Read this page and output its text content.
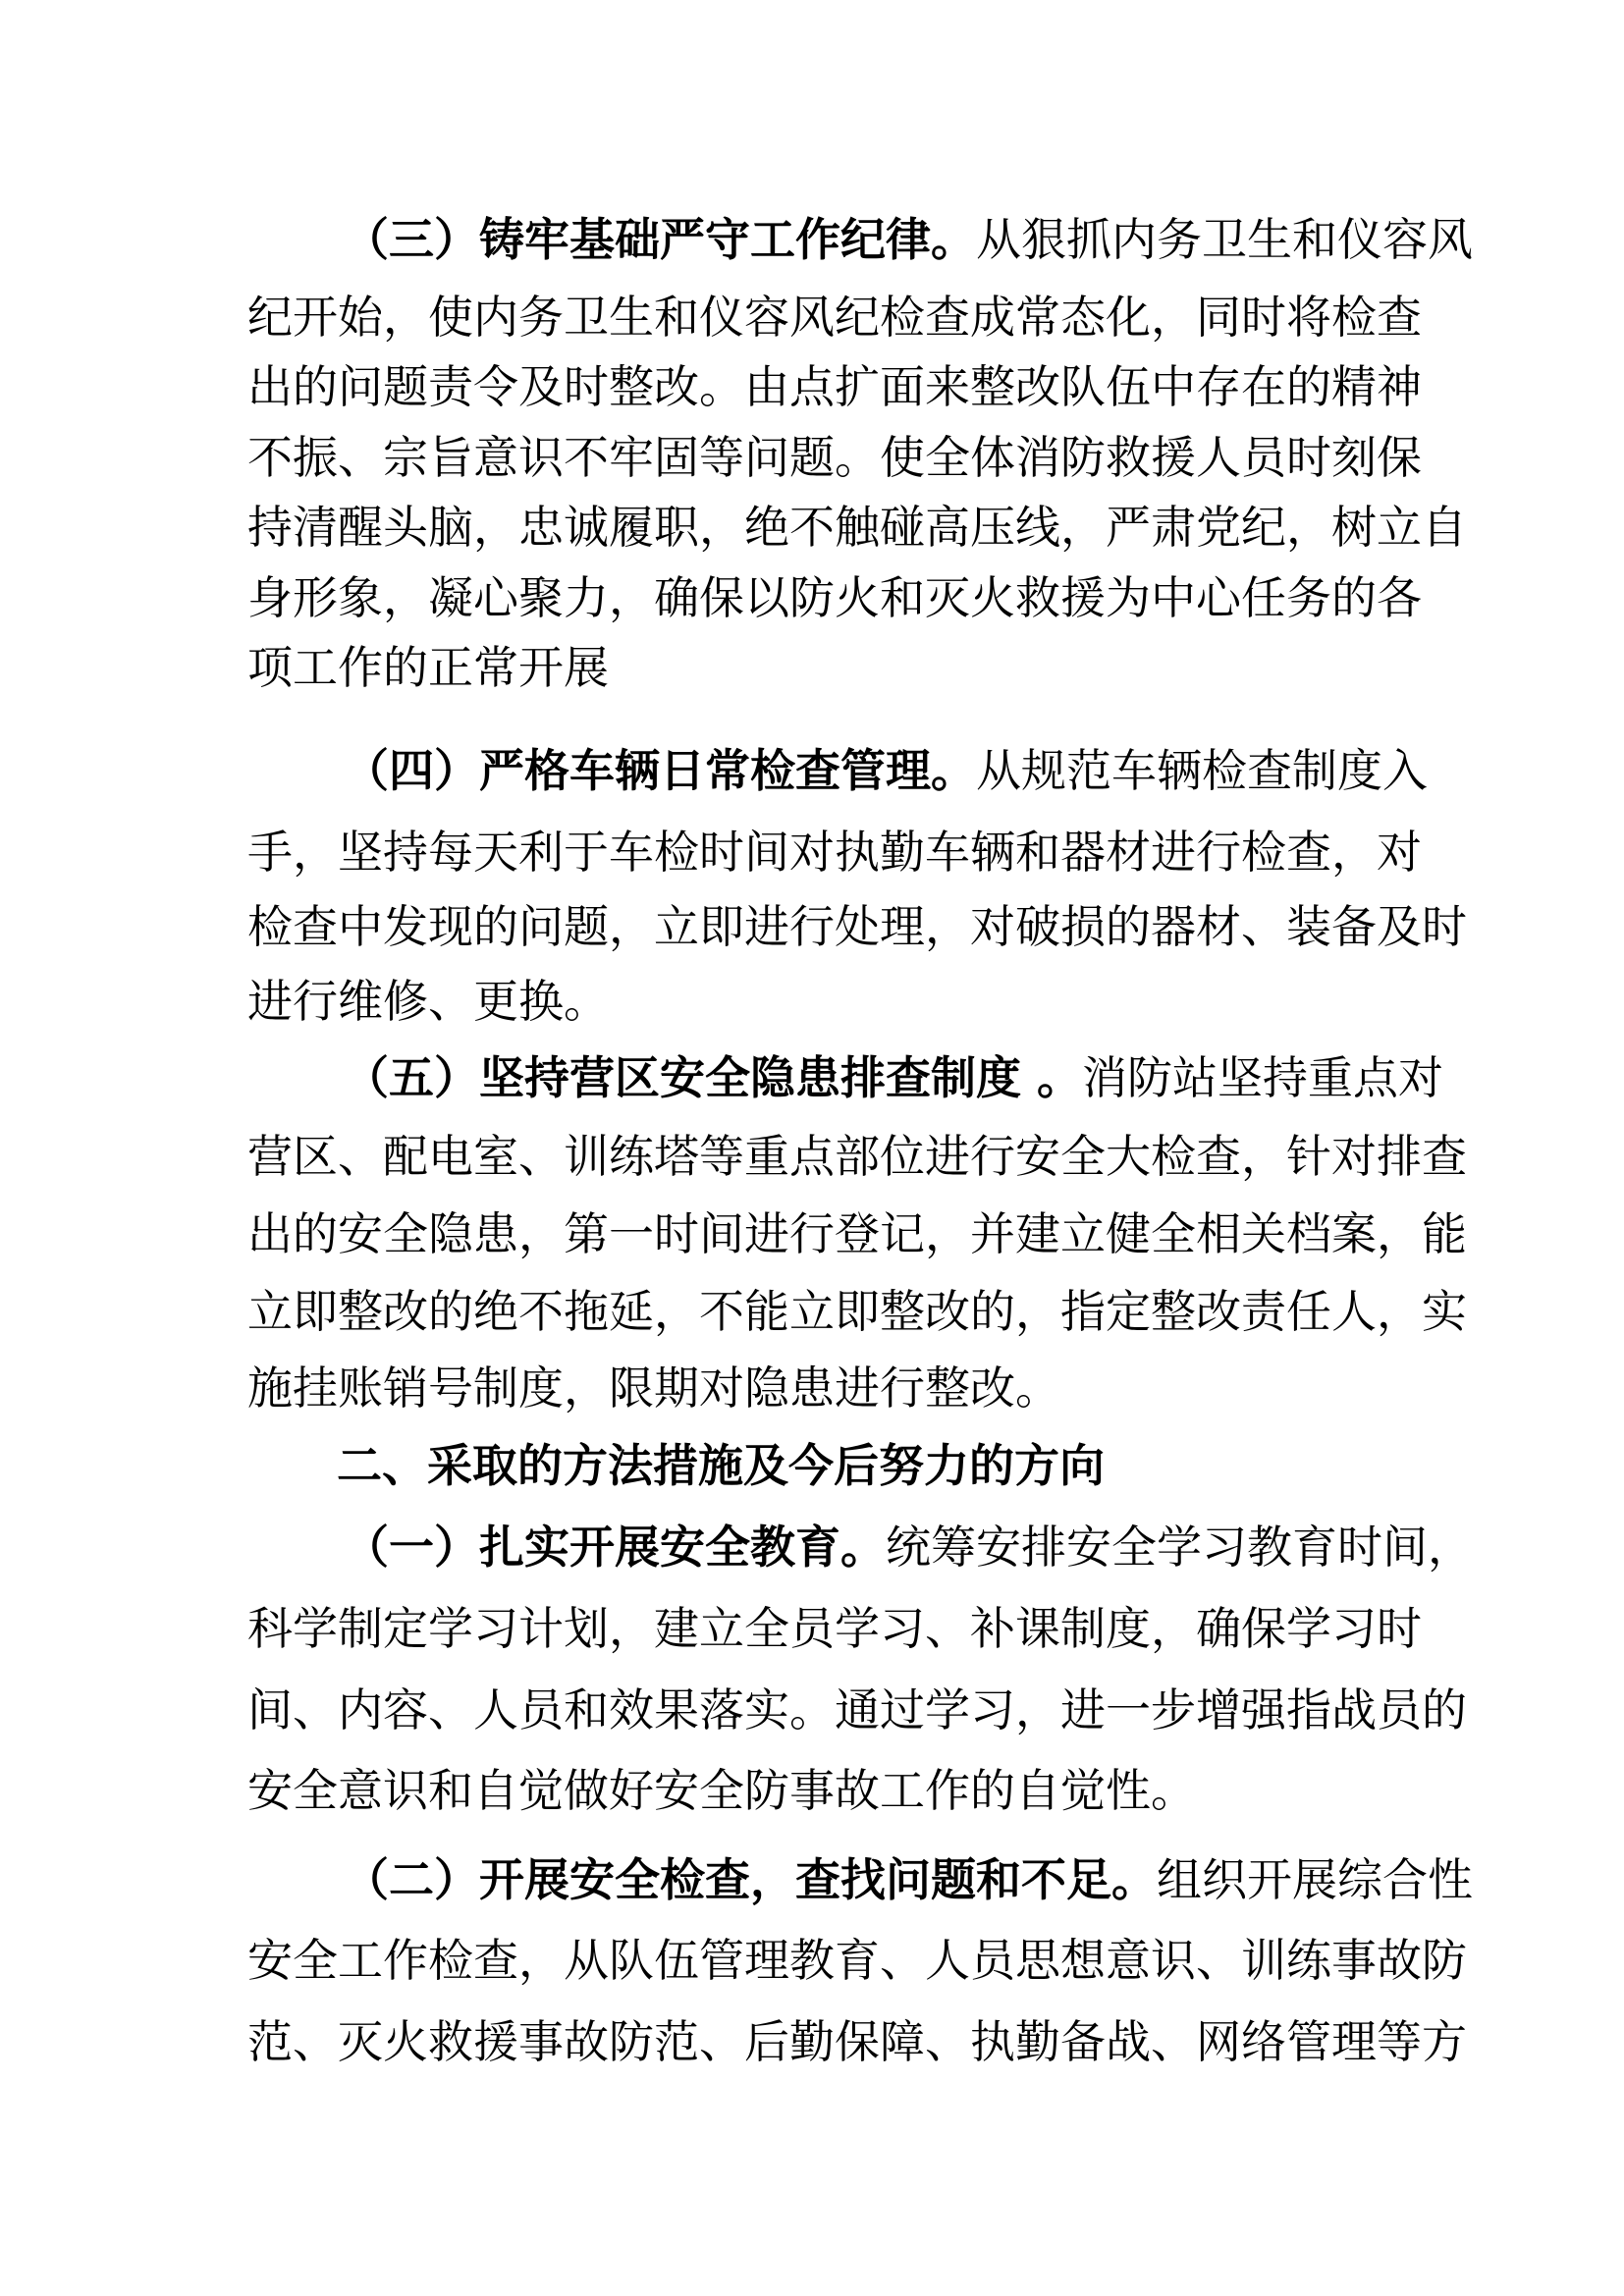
（三）铸牢基础严守工作纪律。从狠抓内务卫生和仪容风
纪开始，使内务卫生和仪容风纪检查成常态化，同时将检查
出的问题责令及时整改。由点扩面来整改队伍中存在的精神
不振、宗旨意识不牢固等问题。使全体消防救援人员时刻保
持清醒头脑，忠诚履职，绝不触碰高压线，严肃党纪，树立自
身形象，凝心聚力，确保以防火和灭火救援为中心任务的各
项工作的正常开展
（四）严格车辆日常检查管理。从规范车辆检查制度入
手，坚持每天利于车检时间对执勤车辆和器材进行检查，对
检查中发现的问题，立即进行处理，对破损的器材、装备及时
进行维修、更换。
（五）坚持营区安全隐患排查制度 。消防站坚持重点对
营区、配电室、训练塔等重点部位进行安全大检查，针对排查
出的安全隐患，第一时间进行登记，并建立健全相关档案，能
立即整改的绝不拖延，不能立即整改的，指定整改责任人，实
施挂账销号制度，限期对隐患进行整改。
二、采取的方法措施及今后努力的方向
（一）扎实开展安全教育。统筹安排安全学习教育时间，
科学制定学习计划，建立全员学习、补课制度，确保学习时
间、内容、人员和效果落实。通过学习，进一步增强指战员的
安全意识和自觉做好安全防事故工作的自觉性。
（二）开展安全检查，查找问题和不足。组织开展综合性
安全工作检查，从队伍管理教育、人员思想意识、训练事故防
范、灭火救援事故防范、后勤保障、执勤备战、网络管理等方
